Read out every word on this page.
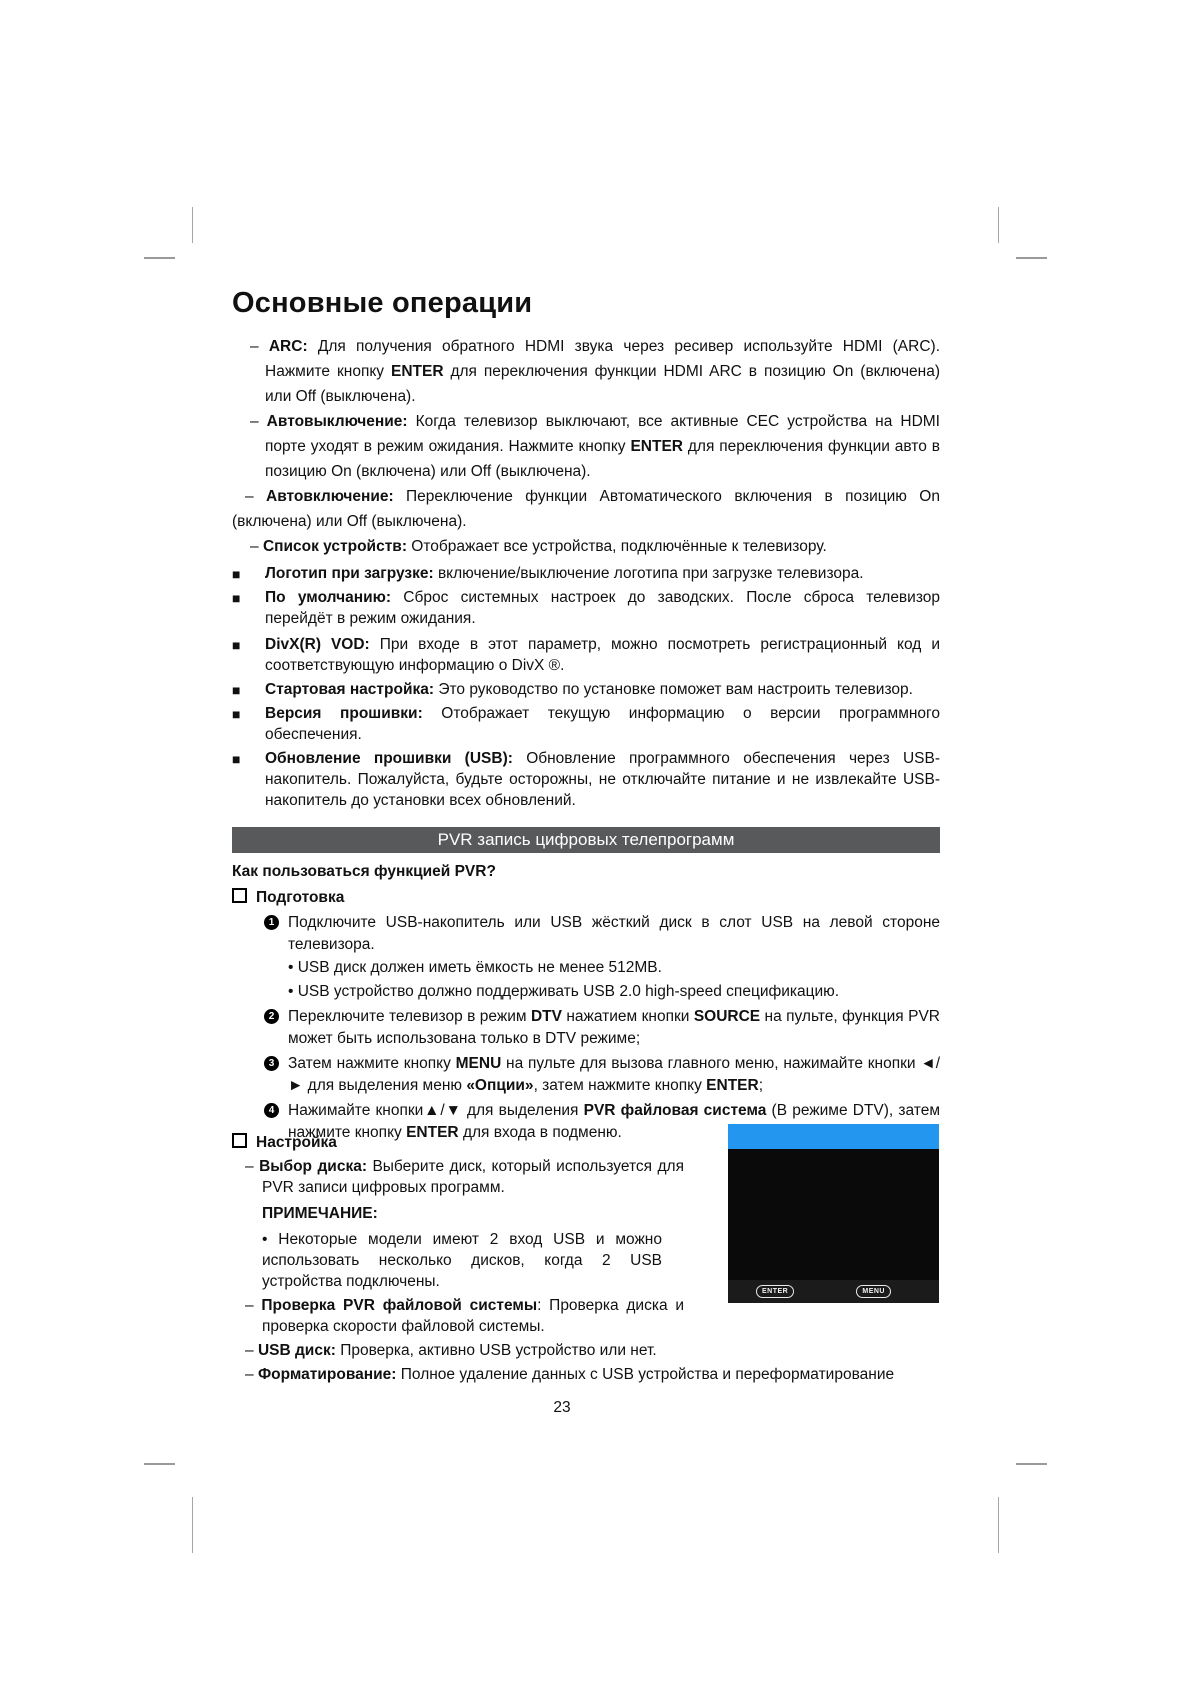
Основные операции

– ARC: Для получения обратного HDMI звука через ресивер используйте HDMI (ARC). Нажмите кнопку ENTER для переключения функции HDMI ARC в позицию On (включена) или Off (выключена).

– Автовыключение: Когда телевизор выключают, все активные CEC устройства на HDMI порте уходят в режим ожидания. Нажмите кнопку ENTER для переключения функции авто в позицию On (включена) или Off (выключена).

– Автовключение: Переключение функции Автоматического включения в позицию On (включена) или Off (выключена).

– Список устройств: Отображает все устройства, подключённые к телевизору.

■ Логотип при загрузке: включение/выключение логотипа при загрузке телевизора.

■ По умолчанию: Сброс системных настроек до заводских. После сброса телевизор перейдёт в режим ожидания.

■ DivX(R) VOD: При входе в этот параметр, можно посмотреть регистрационный код и соответствующую информацию о DivX ®.

■ Стартовая настройка: Это руководство по установке поможет вам настроить телевизор.

■ Версия прошивки: Отображает текущую информацию о версии программного обеспечения.

■ Обновление прошивки (USB): Обновление программного обеспечения через USB-накопитель. Пожалуйста, будьте осторожны, не отключайте питание и не извлекайте USB-накопитель до установки всех обновлений.

PVR запись цифровых телепрограмм

Как пользоваться функцией PVR?

Подготовка

1 Подключите USB-накопитель или USB жёсткий диск в слот USB на левой стороне телевизора.

• USB диск должен иметь ёмкость не менее 512MB.

• USB устройство должно поддерживать USB 2.0 high-speed спецификацию.

2 Переключите телевизор в режим DTV нажатием кнопки SOURCE на пульте, функция PVR может быть использована только в DTV режиме;

3 Затем нажмите кнопку MENU на пульте для вызова главного меню, нажимайте кнопки ◄/► для выделения меню «Опции», затем нажмите кнопку ENTER;

4 Нажимайте кнопки▲/▼ для выделения PVR файловая система (В режиме DTV), затем нажмите кнопку ENTER для входа в подменю.

Настройка

– Выбор диска: Выберите диск, который используется для PVR записи цифровых программ.

ПРИМЕЧАНИЕ:

• Некоторые модели имеют 2 вход USB и можно использовать несколько дисков, когда 2 USB устройства подключены.

– Проверка PVR файловой системы: Проверка диска и проверка скорости файловой системы.

– USB диск: Проверка, активно USB устройство или нет.

– Форматирование: Полное удаление данных с USB устройства и переформатирование

23

ENTER	MENU
